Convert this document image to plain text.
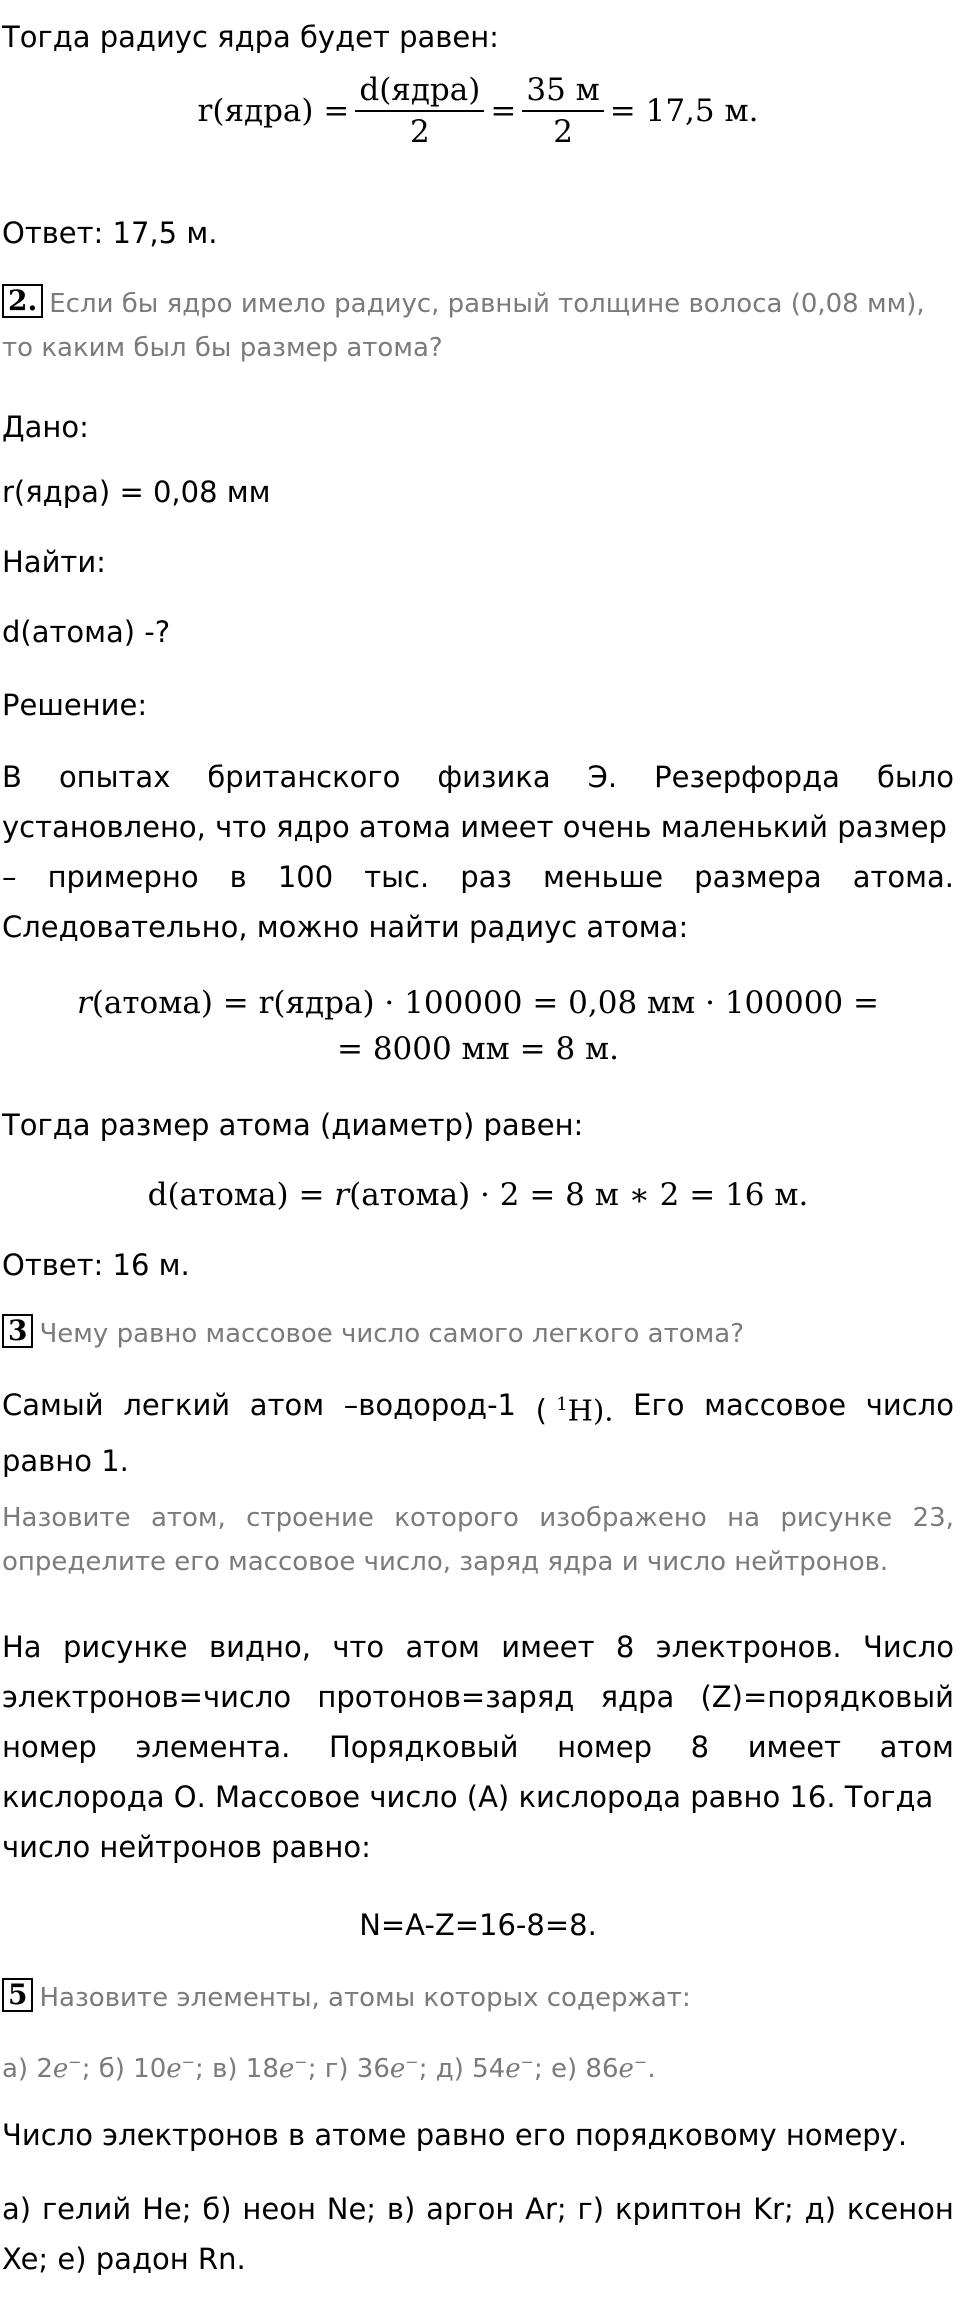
Тогда радиус ядра будет равен:
r(ядра) = $\frac{\text{d(ядра)}}{2} = \frac{35 м}{2} = 17,5$ м.
Ответ: 17,5 м.
2. Если бы ядро имело радиус, равный толщине волоса (0,08 мм),
то каким был бы размер атома?
Дано:
r(ядра) = 0,08 мм
Найти:
d(атома) -?
Решение:
В опытах британского физика Э. Резерфорда было
установлено, что ядро атома имеет очень маленький размер
– примерно в 100 тыс. раз меньше размера атома.
Следовательно, можно найти радиус атома:
r(атома) = r(ядра) · 100000 = 0,08 мм · 100000 =
= 8000 мм = 8 м.
Тогда размер атома (диаметр) равен:
d(атома) = r(атома) · 2 = 8 м ∗ 2 = 16 м.
Ответ: 16 м.
3 Чему равно массовое число самого легкого атома?
Самый легкий атом –водород-1 ( $^1$H). Его массовое число
равно 1.
Назовите атом, строение которого изображено на рисунке 23,
определите его массовое число, заряд ядра и число нейтронов.
На рисунке видно, что атом имеет 8 электронов. Число
электронов=число протонов=заряд ядра (Z)=порядковый
номер элемента. Порядковый номер 8 имеет атом
кислорода О. Массовое число (А) кислорода равно 16. Тогда
число нейтронов равно:
N=A-Z=16-8=8.
5 Назовите элементы, атомы которых содержат:
а) 2e−; б) 10e−; в) 18e−; г) 36e−; д) 54e−; е) 86e−.
Число электронов в атоме равно его порядковому номеру.
а) гелий He; б) неон Ne; в) аргон Ar; г) криптон Kr; д) ксенон
Xe; е) радон Rn.
